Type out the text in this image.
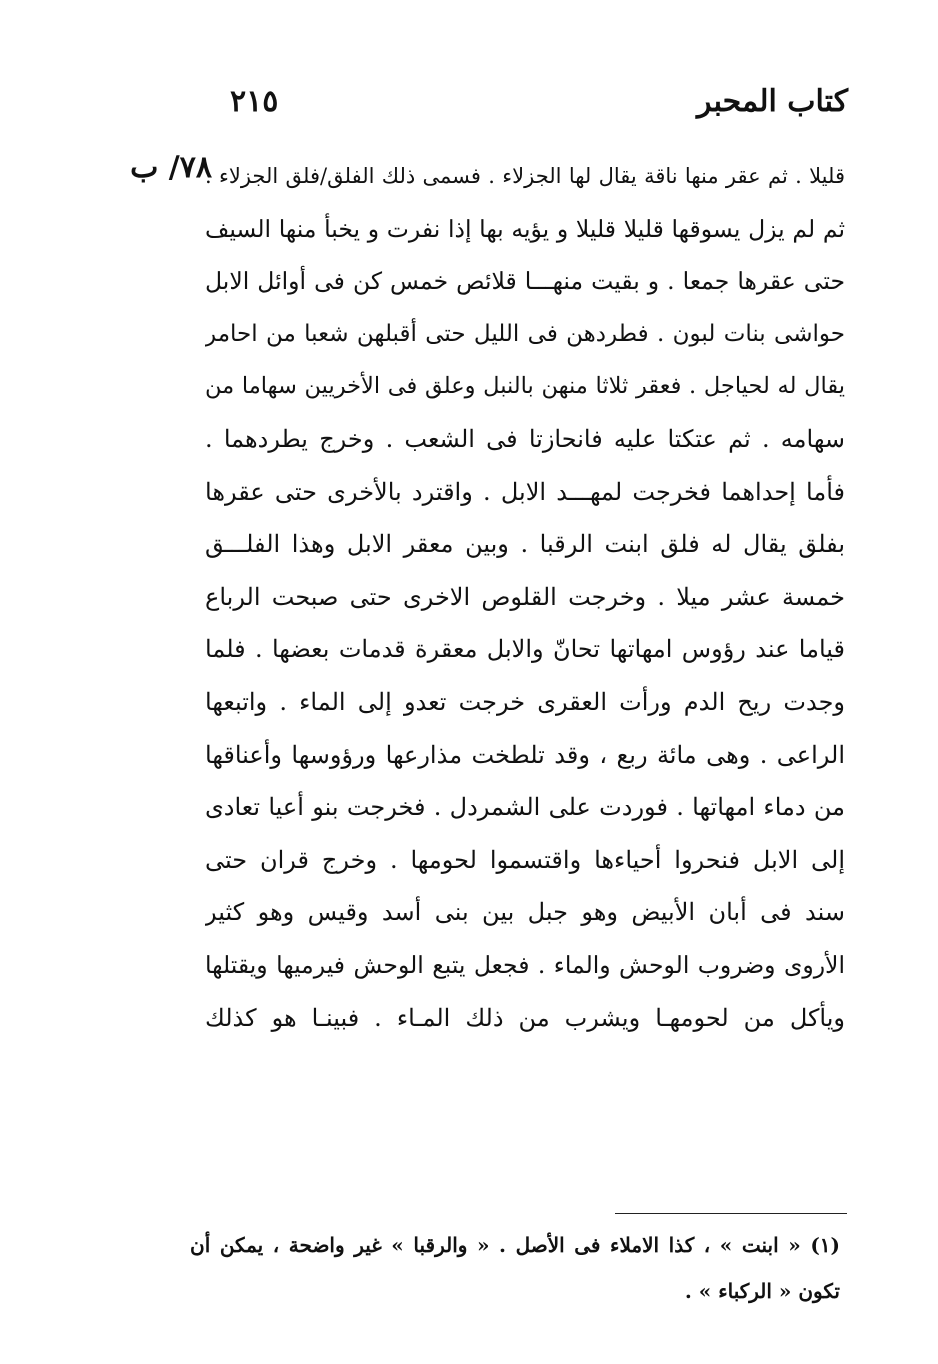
كتاب المحبر
٢١٥
٧٨/ ب
قليلا . ثم عقر منها ناقة يقال لها الجزلاء . فسمى ذلك الفلق/فلق الجزلاء .
ثم لم يزل يسوقها قليلا قليلا و يؤيه بها إذا نفرت و يخبأ منها السيف
حتى عقرها جمعا . و بقيت منهـــا قلائص خمس كن فى أوائل الابل
حواشى بنات لبون . فطردهن فى الليل حتى أقبلهن شعبا من احامر
يقال له لحياجل . فعقر ثلاثا منهن بالنبل وعلق فى الأخريين سهاما من
سهامه . ثم عتكتا عليه فانحازتا فى الشعب . وخرج يطردهما .
فأما إحداهما فخرجت لمهـــد الابل . واقترد بالأخرى حتى عقرها
بفلق يقال له فلق ابنت الرقبا . وبين معقر الابل وهذا الفلـــق
خمسة عشر ميلا . وخرجت القلوص الاخرى حتى صبحت الرباع
قياما عند رؤوس امهاتها تحانّ والابل معقرة قدمات بعضها . فلما
وجدت ريح الدم ورأت العقرى خرجت تعدو إلى الماء . واتبعها
الراعى . وهى مائة ربع ، وقد تلطخت مذارعها ورؤوسها وأعناقها
من دماء امهاتها . فوردت على الشمردل . فخرجت بنو أعيا تعادى
إلى الابل فنحروا أحياءها واقتسموا لحومها . وخرج قران حتى
سند فى أبان الأبيض وهو جبل بين بنى أسد وقيس وهو كثير
الأروى وضروب الوحش والماء . فجعل يتبع الوحش فيرميها ويقتلها
ويأكل من لحومهـا ويشرب من ذلك المـاء . فبينـا هو كذلك
(١) « ابنت » ، كذا الاملاء فى الأصل . « والرقبا » غير واضحة ، يمكن أن
تكون « الركباء » .
